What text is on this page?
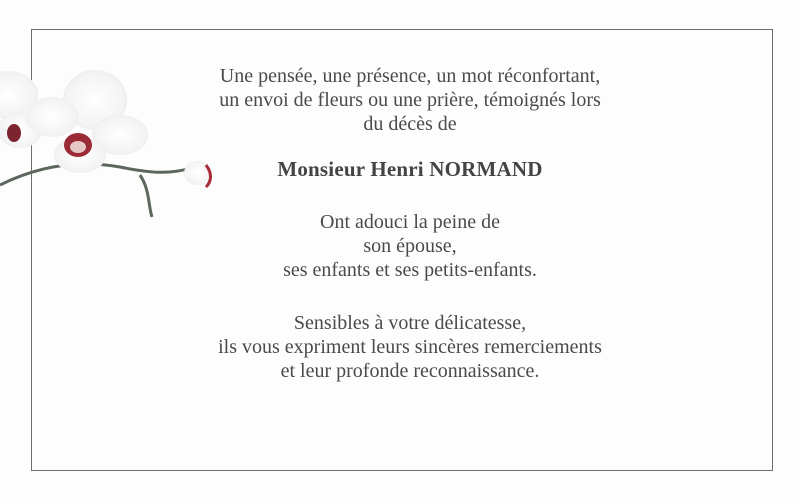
Une pensée, une présence, un mot réconfortant,
un envoi de fleurs ou une prière, témoignés lors
du décès de
Monsieur Henri NORMAND
Ont adouci la peine de
son épouse,
ses enfants et ses petits-enfants.
Sensibles à votre délicatesse,
ils vous expriment leurs sincères remerciements
et leur profonde reconnaissance.
